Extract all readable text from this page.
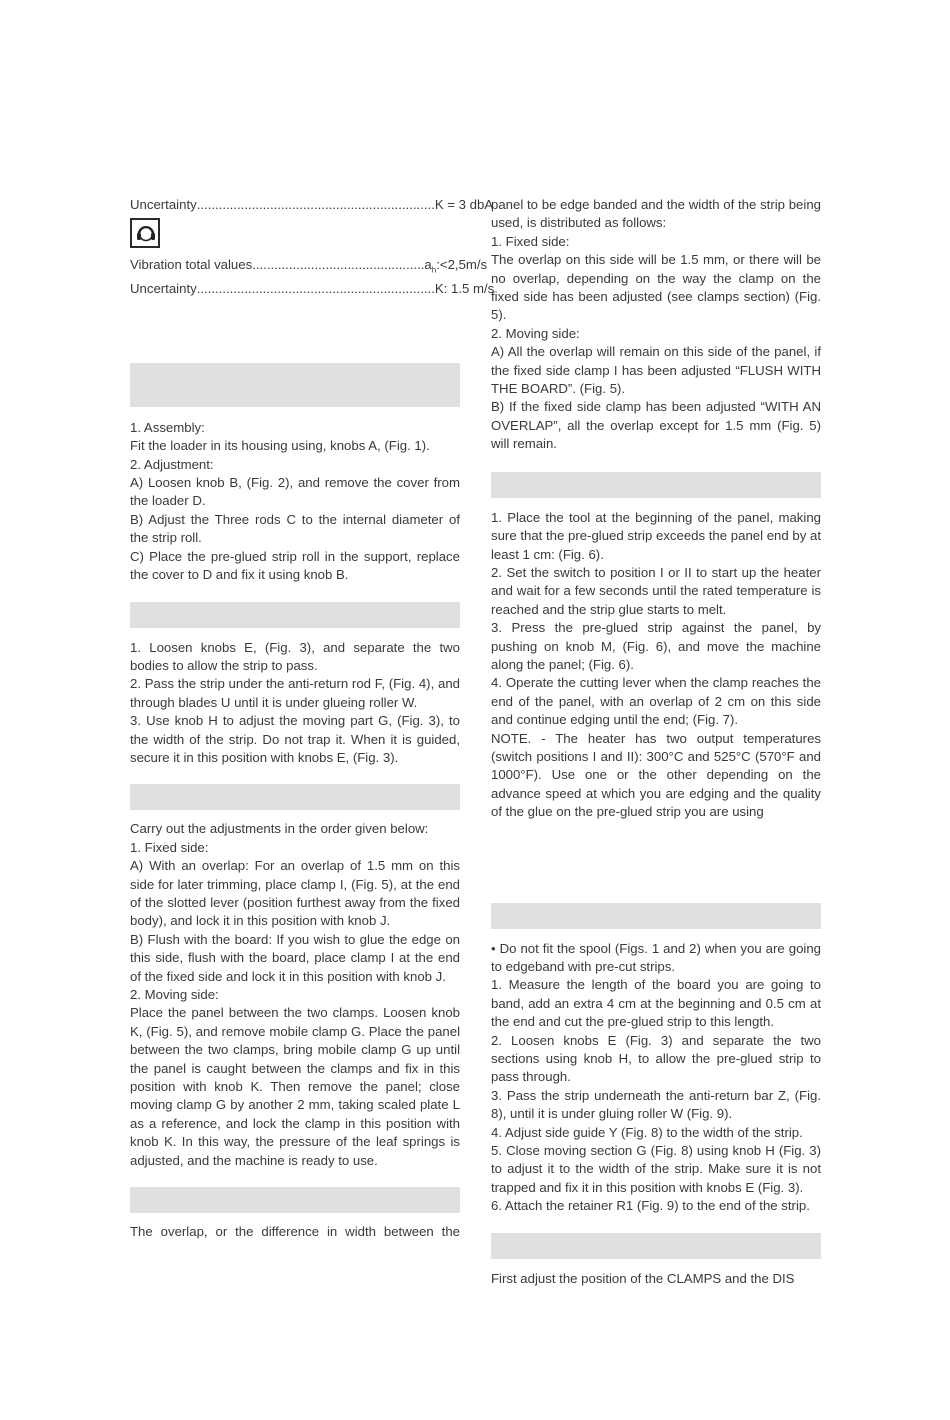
Uncertainty ................................................................. K = 3 dbA
Vibration total values ............................................... $a_h:<2,5m/s$
Uncertainty ................................................................. K: 1.5 m/s

1. Assembly:

Fit the loader in its housing using, knobs A, (Fig. 1).

2. Adjustment:

A) Loosen knob B, (Fig. 2), and remove the cover from the loader D.

B) Adjust the Three rods C to the internal diameter of the strip roll.

C) Place the pre-glued strip roll in the support, replace the cover to D and fix it using knob B.

1. Loosen knobs E, (Fig. 3), and separate the two bodies to allow the strip to pass.

2. Pass the strip under the anti-return rod F, (Fig. 4), and through blades U until it is under glueing roller W.

3. Use knob H to adjust the moving part G, (Fig. 3), to the width of the strip. Do not trap it. When it is guided, secure it in this position with knobs E, (Fig. 3).

Carry out the adjustments in the order given below:

1. Fixed side:

A) With an overlap: For an overlap of 1.5 mm on this side for later trimming, place clamp I, (Fig. 5), at the end of the slotted lever (position furthest away from the fixed body), and lock it in this position with knob J.

B) Flush with the board: If you wish to glue the edge on this side, flush with the board, place clamp I at the end of the fixed side and lock it in this position with knob J.

2. Moving side:

Place the panel between the two clamps. Loosen knob K, (Fig. 5), and remove mobile clamp G. Place the panel between the two clamps, bring mobile clamp G up until the panel is caught between the clamps and fix in this position with knob K. Then remove the panel; close moving clamp G by another 2 mm, taking scaled plate L as a reference, and lock the clamp in this position with knob K. In this way, the pressure of the leaf springs is adjusted, and the machine is ready to use.

The overlap, or the difference in width between the

panel to be edge banded and the width of the strip being used, is distributed as follows:

1. Fixed side:

The overlap on this side will be 1.5 mm, or there will be no overlap, depending on the way the clamp on the fixed side has been adjusted (see clamps section) (Fig. 5).

2. Moving side:

A) All the overlap will remain on this side of the panel, if the fixed side clamp I has been adjusted “FLUSH WITH THE BOARD”. (Fig. 5).

B) If the fixed side clamp has been adjusted “WITH AN OVERLAP”, all the overlap except for 1.5 mm (Fig. 5) will remain.

1. Place the tool at the beginning of the panel, making sure that the pre-glued strip exceeds the panel end by at least 1 cm: (Fig. 6).

2. Set the switch to position I or II to start up the heater and wait for a few seconds until the rated temperature is reached and the strip glue starts to melt.

3. Press the pre-glued strip against the panel, by pushing on knob M, (Fig. 6), and move the machine along the panel; (Fig. 6).

4. Operate the cutting lever when the clamp reaches the end of the panel, with an overlap of 2 cm on this side and continue edging until the end; (Fig. 7).

NOTE. - The heater has two output temperatures (switch positions I and II): 300°C and 525°C (570°F and 1000°F). Use one or the other depending on the advance speed at which you are edging and the quality of the glue on the pre-glued strip you are using

• Do not fit the spool (Figs. 1 and 2) when you are going to edgeband with pre-cut strips.

1. Measure the length of the board you are going to band, add an extra 4 cm at the beginning and 0.5 cm at the end and cut the pre-glued strip to this length.

2. Loosen knobs E (Fig. 3) and separate the two sections using knob H, to allow the pre-glued strip to pass through.

3. Pass the strip underneath the anti-return bar Z, (Fig. 8), until it is under gluing roller W (Fig. 9).

4. Adjust side guide Y (Fig. 8) to the width of the strip.

5. Close moving section G (Fig. 8) using knob H (Fig. 3) to adjust it to the width of the strip. Make sure it is not trapped and fix it in this position with knobs E (Fig. 3).

6. Attach the retainer R1 (Fig. 9) to the end of the strip.

First adjust the position of the CLAMPS and the DIS
